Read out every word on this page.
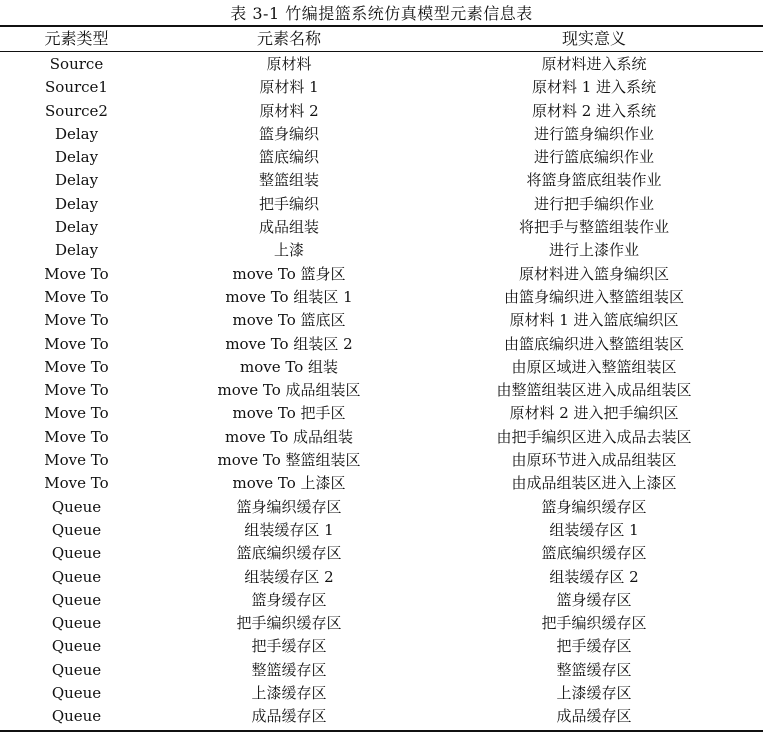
表 3-1 竹编提篮系统仿真模型元素信息表
元素类型	元素名称	现实意义
Source	原材料	原材料进入系统
Source1	原材料 1	原材料 1 进入系统
Source2	原材料 2	原材料 2 进入系统
Delay	篮身编织	进行篮身编织作业
Delay	篮底编织	进行篮底编织作业
Delay	整篮组装	将篮身篮底组装作业
Delay	把手编织	进行把手编织作业
Delay	成品组装	将把手与整篮组装作业
Delay	上漆	进行上漆作业
Move To	move To 篮身区	原材料进入篮身编织区
Move To	move To 组装区 1	由篮身编织进入整篮组装区
Move To	move To 篮底区	原材料 1 进入篮底编织区
Move To	move To 组装区 2	由篮底编织进入整篮组装区
Move To	move To 组装	由原区域进入整篮组装区
Move To	move To 成品组装区	由整篮组装区进入成品组装区
Move To	move To 把手区	原材料 2 进入把手编织区
Move To	move To 成品组装	由把手编织区进入成品去装区
Move To	move To 整篮组装区	由原环节进入成品组装区
Move To	move To 上漆区	由成品组装区进入上漆区
Queue	篮身编织缓存区	篮身编织缓存区
Queue	组装缓存区 1	组装缓存区 1
Queue	篮底编织缓存区	篮底编织缓存区
Queue	组装缓存区 2	组装缓存区 2
Queue	篮身缓存区	篮身缓存区
Queue	把手编织缓存区	把手编织缓存区
Queue	把手缓存区	把手缓存区
Queue	整篮缓存区	整篮缓存区
Queue	上漆缓存区	上漆缓存区
Queue	成品缓存区	成品缓存区
